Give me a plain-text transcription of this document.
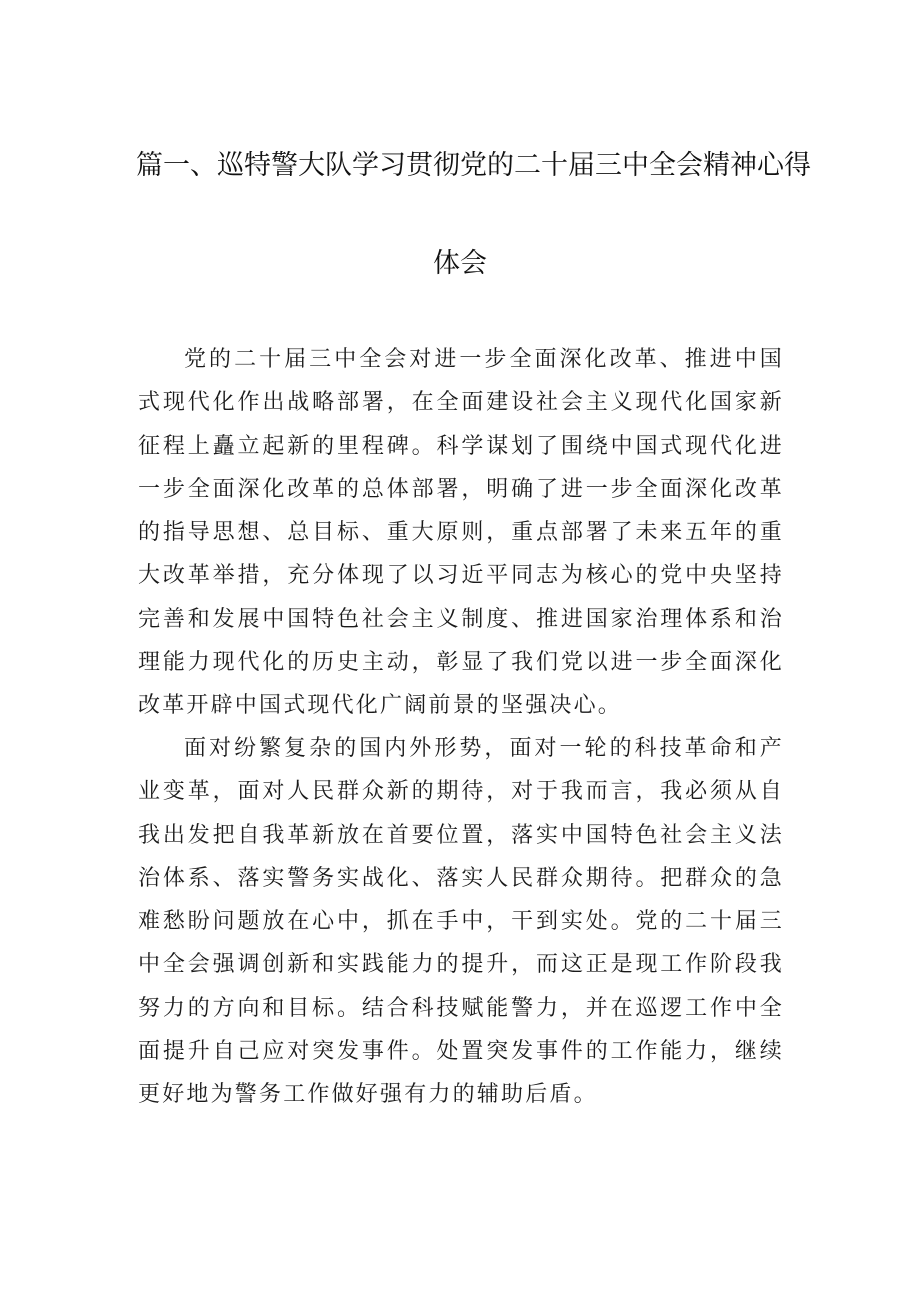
篇一、巡特警大队学习贯彻党的二十届三中全会精神心得
体会

党的二十届三中全会对进一步全面深化改革、推进中国式现代化作出战略部署，在全面建设社会主义现代化国家新征程上矗立起新的里程碑。科学谋划了围绕中国式现代化进一步全面深化改革的总体部署，明确了进一步全面深化改革的指导思想、总目标、重大原则，重点部署了未来五年的重大改革举措，充分体现了以习近平同志为核心的党中央坚持完善和发展中国特色社会主义制度、推进国家治理体系和治理能力现代化的历史主动，彰显了我们党以进一步全面深化改革开辟中国式现代化广阔前景的坚强决心。

面对纷繁复杂的国内外形势，面对一轮的科技革命和产业变革，面对人民群众新的期待，对于我而言，我必须从自我出发把自我革新放在首要位置，落实中国特色社会主义法治体系、落实警务实战化、落实人民群众期待。把群众的急难愁盼问题放在心中，抓在手中，干到实处。党的二十届三中全会强调创新和实践能力的提升，而这正是现工作阶段我努力的方向和目标。结合科技赋能警力，并在巡逻工作中全面提升自己应对突发事件。处置突发事件的工作能力，继续更好地为警务工作做好强有力的辅助后盾。
